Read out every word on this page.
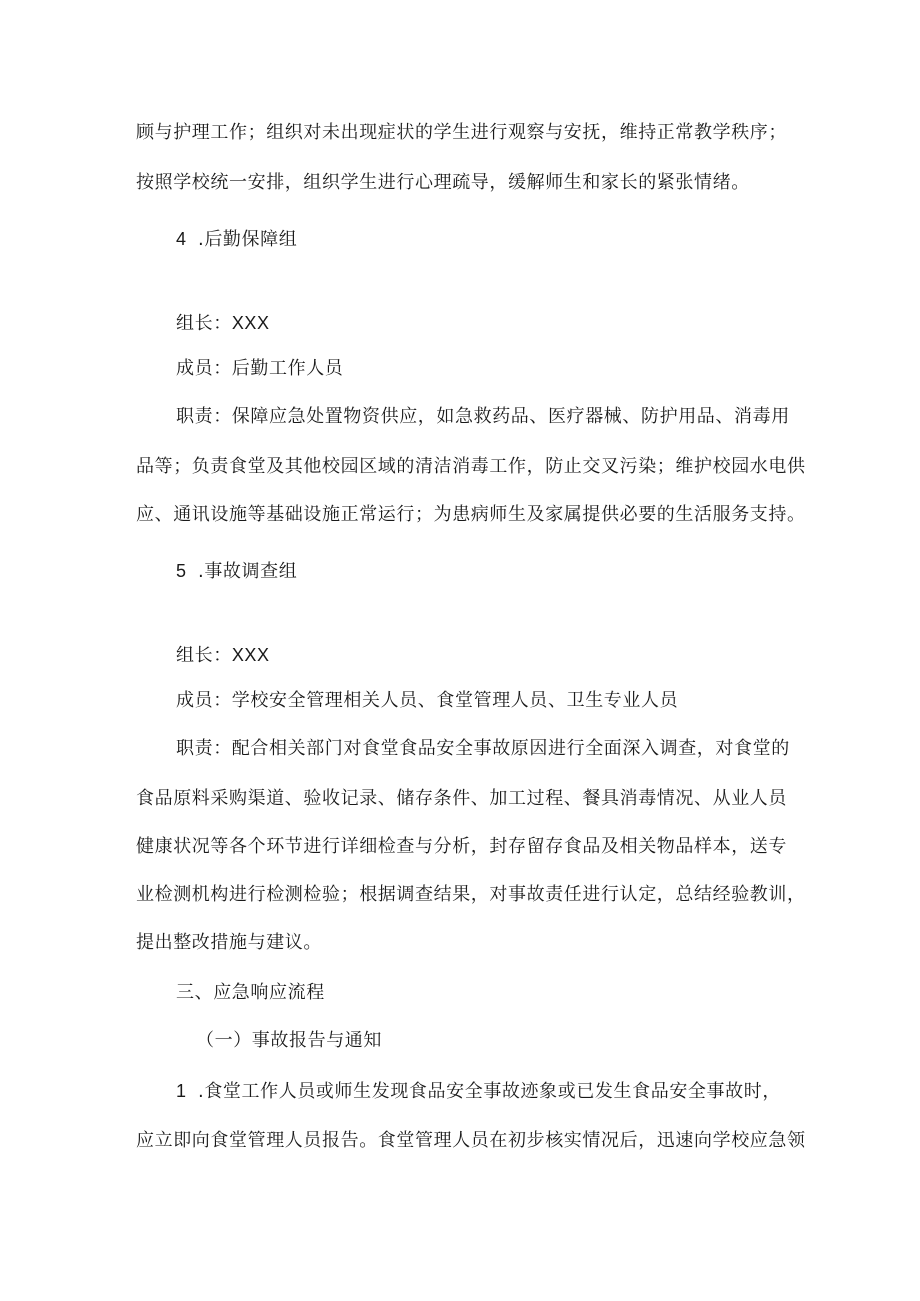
顾与护理工作；组织对未出现症状的学生进行观察与安抚，维持正常教学秩序；
按照学校统一安排，组织学生进行心理疏导，缓解师生和家长的紧张情绪。
4 .后勤保障组
组长：XXX
成员：后勤工作人员
职责：保障应急处置物资供应，如急救药品、医疗器械、防护用品、消毒用
品等；负责食堂及其他校园区域的清洁消毒工作，防止交叉污染；维护校园水电供
应、通讯设施等基础设施正常运行；为患病师生及家属提供必要的生活服务支持。
5 .事故调查组
组长：XXX
成员：学校安全管理相关人员、食堂管理人员、卫生专业人员
职责：配合相关部门对食堂食品安全事故原因进行全面深入调查，对食堂的
食品原料采购渠道、验收记录、储存条件、加工过程、餐具消毒情况、从业人员
健康状况等各个环节进行详细检查与分析，封存留存食品及相关物品样本，送专
业检测机构进行检测检验；根据调查结果，对事故责任进行认定，总结经验教训，
提出整改措施与建议。
三、应急响应流程
（一）事故报告与通知
1 .食堂工作人员或师生发现食品安全事故迹象或已发生食品安全事故时，
应立即向食堂管理人员报告。食堂管理人员在初步核实情况后，迅速向学校应急领
